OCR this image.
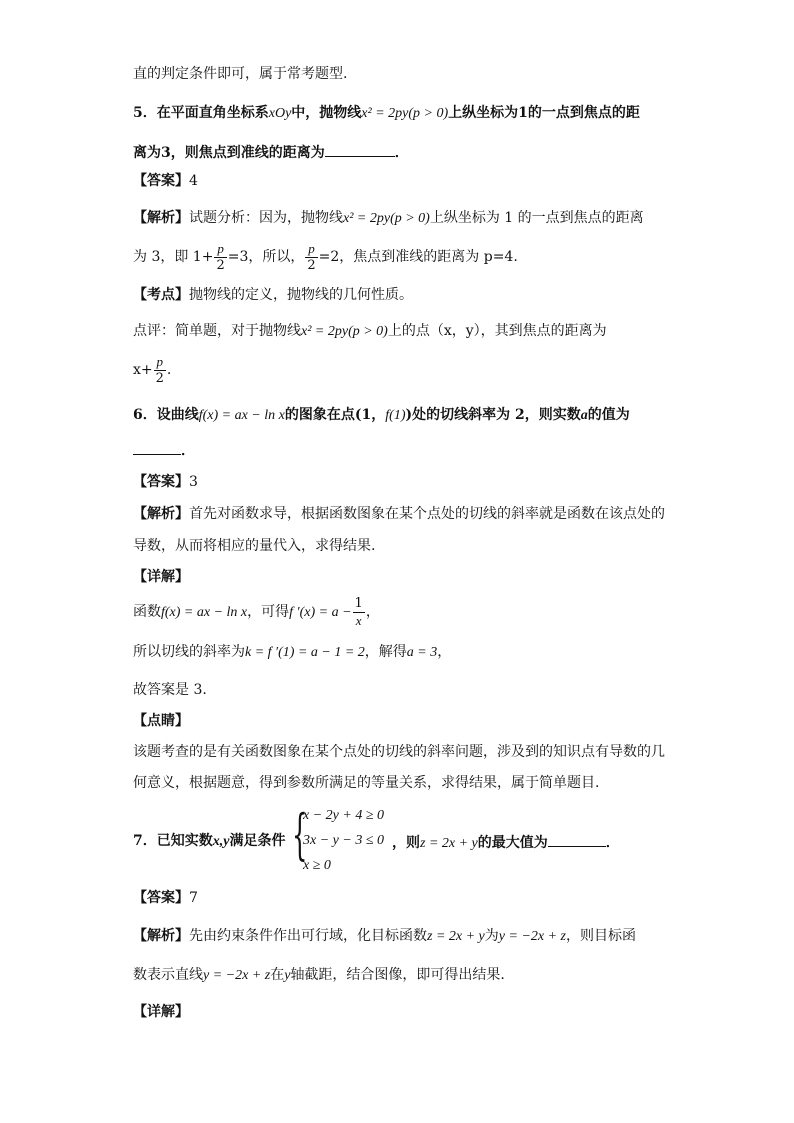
直的判定条件即可，属于常考题型.
5．在平面直角坐标系xOy中，抛物线x² = 2py(p > 0)上纵坐标为1的一点到焦点的距
离为3，则焦点到准线的距离为	．
【答案】4
【解析】试题分析：因为，抛物线x² = 2py(p > 0)上纵坐标为 1 的一点到焦点的距离
为 3，即 $1+ \frac{p}{2} =3$，所以， $\frac{p}{2} =2$，焦点到准线的距离为 p=4.
【考点】抛物线的定义，抛物线的几何性质。
点评：简单题，对于抛物线x² = 2py(p > 0)上的点（x，y），其到焦点的距离为
$x+ \frac{p}{2}$ .
6．设曲线f(x) = ax − ln x的图象在点(1，f(1))处的切线斜率为 2，则实数a的值为
．
【答案】3
【解析】首先对函数求导，根据函数图象在某个点处的切线的斜率就是函数在该点处的
导数，从而将相应的量代入，求得结果.
【详解】
函数f(x) = ax − ln x，可得f $'(x) = a - \frac{1}{x}$ ，
所以切线的斜率为k = f ′(1) = a − 1 = 2，解得a = 3，
故答案是 3.
【点睛】
该题考查的是有关函数图象在某个点处的切线的斜率问题，涉及到的知识点有导数的几
何意义，根据题意，得到参数所满足的等量关系，求得结果，属于简单题目.
7．已知实数x,y满足条件 {
x − 2y + 4 ≥ 0
3x − y − 3 ≤ 0
x ≥ 0
，则z = 2x + y的最大值为	．
【答案】7
【解析】先由约束条件作出可行域，化目标函数z = 2x + y为y = −2x + z，则目标函
数表示直线y = −2x + z在y轴截距，结合图像，即可得出结果.
【详解】
